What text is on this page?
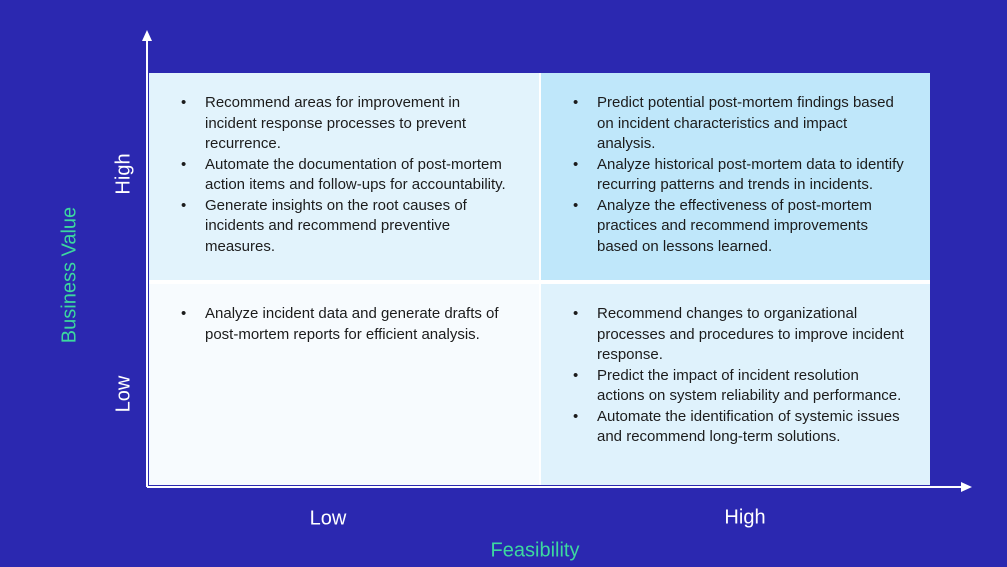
Business Value
High
Low
Low	High
Feasibility
•	Recommend areas for improvement in incident response processes to prevent recurrence.
•	Automate the documentation of post-mortem action items and follow-ups for accountability.
•	Generate insights on the root causes of incidents and recommend preventive measures.
•	Predict potential post-mortem findings based on incident characteristics and impact analysis.
•	Analyze historical post-mortem data to identify recurring patterns and trends in incidents.
•	Analyze the effectiveness of post-mortem practices and recommend improvements based on lessons learned.
•	Analyze incident data and generate drafts of post-mortem reports for efficient analysis.
•	Recommend changes to organizational processes and procedures to improve incident response.
•	Predict the impact of incident resolution actions on system reliability and performance.
•	Automate the identification of systemic issues and recommend long-term solutions.
